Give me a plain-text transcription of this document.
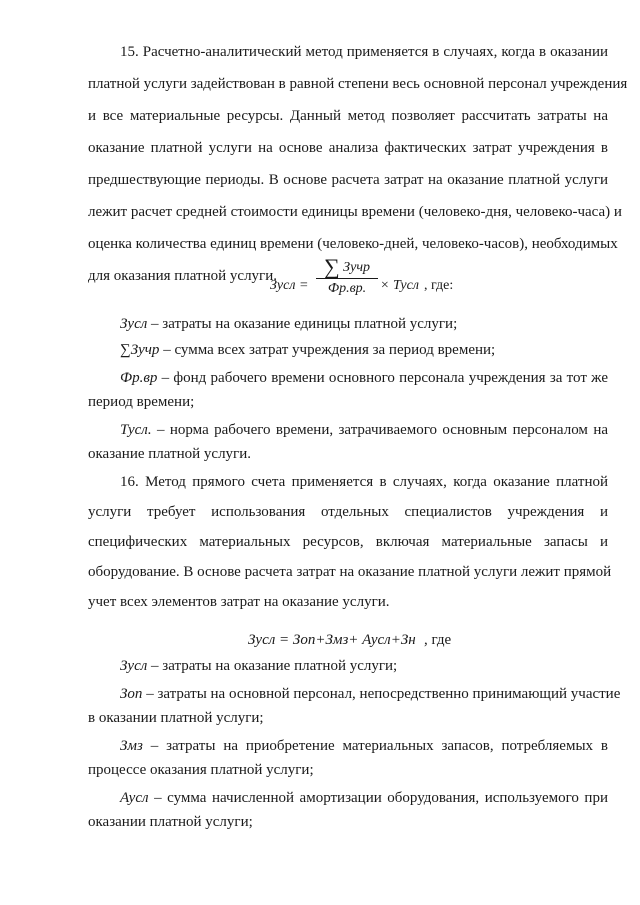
15. Расчетно-аналитический метод применяется в случаях, когда в оказании
платной услуги задействован в равной степени весь основной персонал учреждения
и все материальные ресурсы. Данный метод позволяет рассчитать затраты на
оказание платной услуги на основе анализа фактических затрат учреждения в
предшествующие периоды. В основе расчета затрат на оказание платной услуги
лежит расчет средней стоимости единицы времени (человеко-дня, человеко-часа) и
оценка количества единиц времени (человеко-дней, человеко-часов), необходимых
для оказания платной услуги.
Зусл =
∑ Зучр
Фр.вр. × Тусл , где:
Зусл – затраты на оказание единицы платной услуги;
∑Зучр – сумма всех затрат учреждения за период времени;
Фр.вр – фонд рабочего времени основного персонала учреждения за тот же
период времени;
Тусл. – норма рабочего времени, затрачиваемого основным персоналом на
оказание платной услуги.
16. Метод прямого счета применяется в случаях, когда оказание платной
услуги требует использования отдельных специалистов учреждения и
специфических материальных ресурсов, включая материальные запасы и
оборудование. В основе расчета затрат на оказание платной услуги лежит прямой
учет всех элементов затрат на оказание услуги.
Зусл = Зоп+Змз+ Аусл+Зн , где
Зусл – затраты на оказание платной услуги;
Зоп – затраты на основной персонал, непосредственно принимающий участие
в оказании платной услуги;
Змз – затраты на приобретение материальных запасов, потребляемых в
процессе оказания платной услуги;
Аусл – сумма начисленной амортизации оборудования, используемого при
оказании платной услуги;
